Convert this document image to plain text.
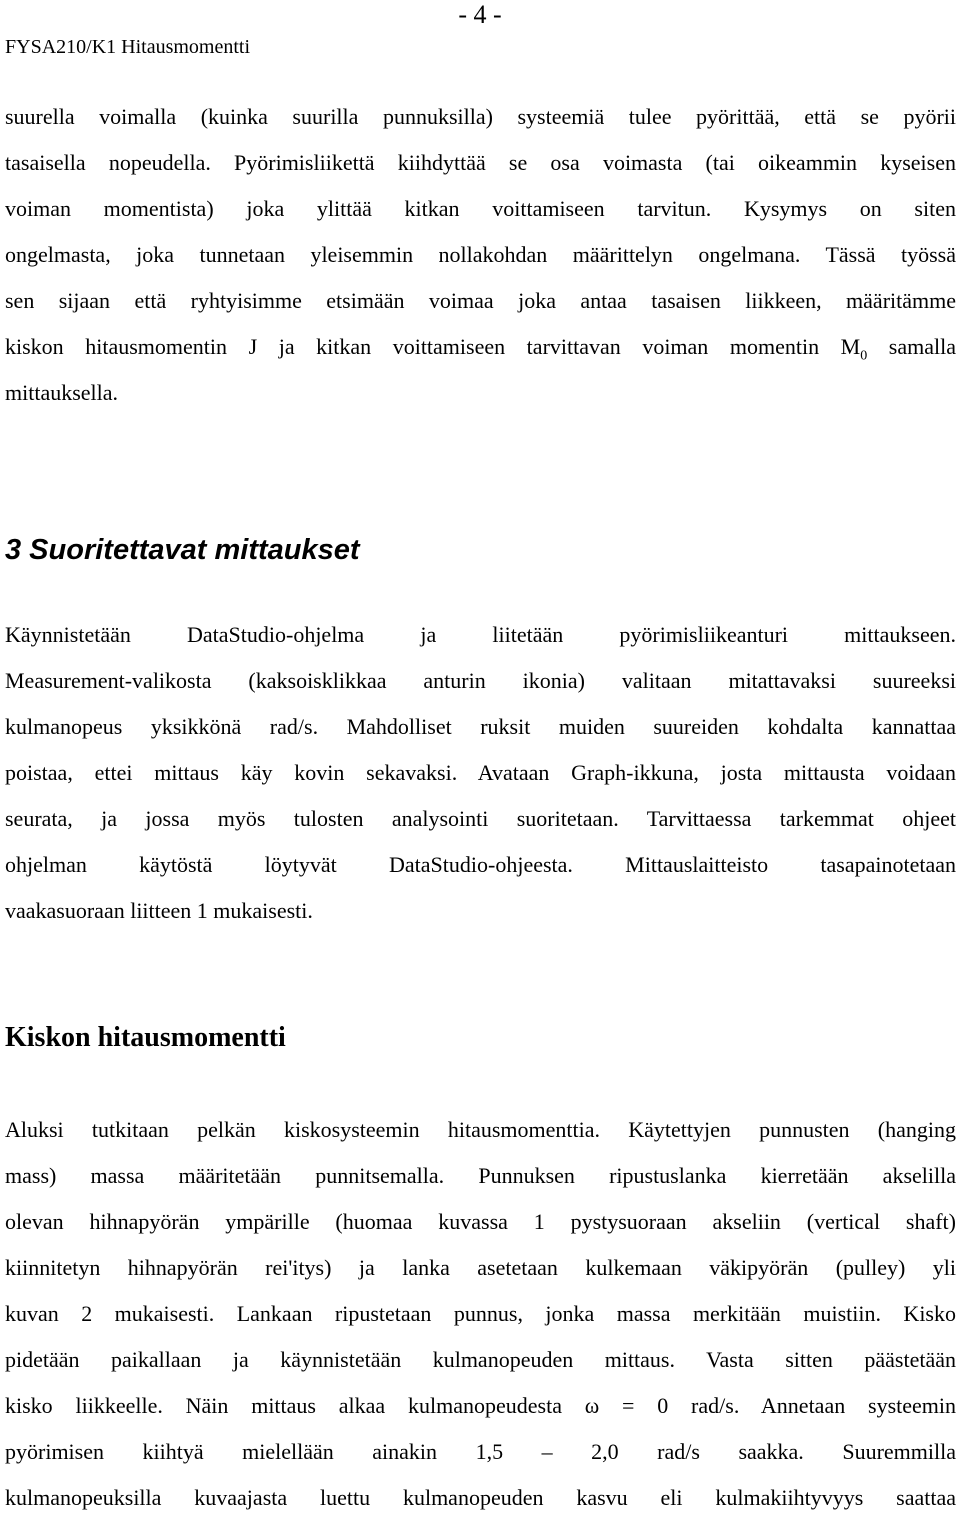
- 4 -
FYSA210/K1 Hitausmomentti
suurella voimalla (kuinka suurilla punnuksilla) systeemiä tulee pyörittää, että se pyörii
tasaisella nopeudella. Pyörimisliikettä kiihdyttää se osa voimasta (tai oikeammin kyseisen
voiman momentista) joka ylittää kitkan voittamiseen tarvitun. Kysymys on siten
ongelmasta, joka tunnetaan yleisemmin nollakohdan määrittelyn ongelmana. Tässä työssä
sen sijaan että ryhtyisimme etsimään voimaa joka antaa tasaisen liikkeen, määritämme
kiskon hitausmomentin J ja kitkan voittamiseen tarvittavan voiman momentin $M_0$ samalla
mittauksella.
3 Suoritettavat mittaukset
Käynnistetään DataStudio-ohjelma ja liitetään pyörimisliikeanturi mittaukseen.
Measurement-valikosta (kaksoisklikkaa anturin ikonia) valitaan mitattavaksi suureeksi
kulmanopeus yksikkönä rad/s. Mahdolliset ruksit muiden suureiden kohdalta kannattaa
poistaa, ettei mittaus käy kovin sekavaksi. Avataan Graph-ikkuna, josta mittausta voidaan
seurata, ja jossa myös tulosten analysointi suoritetaan. Tarvittaessa tarkemmat ohjeet
ohjelman käytöstä löytyvät DataStudio-ohjeesta. Mittauslaitteisto tasapainotetaan
vaakasuoraan liitteen 1 mukaisesti.
Kiskon hitausmomentti
Aluksi tutkitaan pelkän kiskosysteemin hitausmomenttia. Käytettyjen punnusten (hanging
mass) massa määritetään punnitsemalla. Punnuksen ripustuslanka kierretään akselilla
olevan hihnapyörän ympärille (huomaa kuvassa 1 pystysuoraan akseliin (vertical shaft)
kiinnitetyn hihnapyörän rei'itys) ja lanka asetetaan kulkemaan väkipyörän (pulley) yli
kuvan 2 mukaisesti. Lankaan ripustetaan punnus, jonka massa merkitään muistiin. Kisko
pidetään paikallaan ja käynnistetään kulmanopeuden mittaus. Vasta sitten päästetään
kisko liikkeelle. Näin mittaus alkaa kulmanopeudesta ω = 0 rad/s. Annetaan systeemin
pyörimisen kiihtyä mielellään ainakin 1,5 – 2,0 rad/s saakka. Suuremmilla
kulmanopeuksilla kuvaajasta luettu kulmanopeuden kasvu eli kulmakiihtyvyys saattaa
